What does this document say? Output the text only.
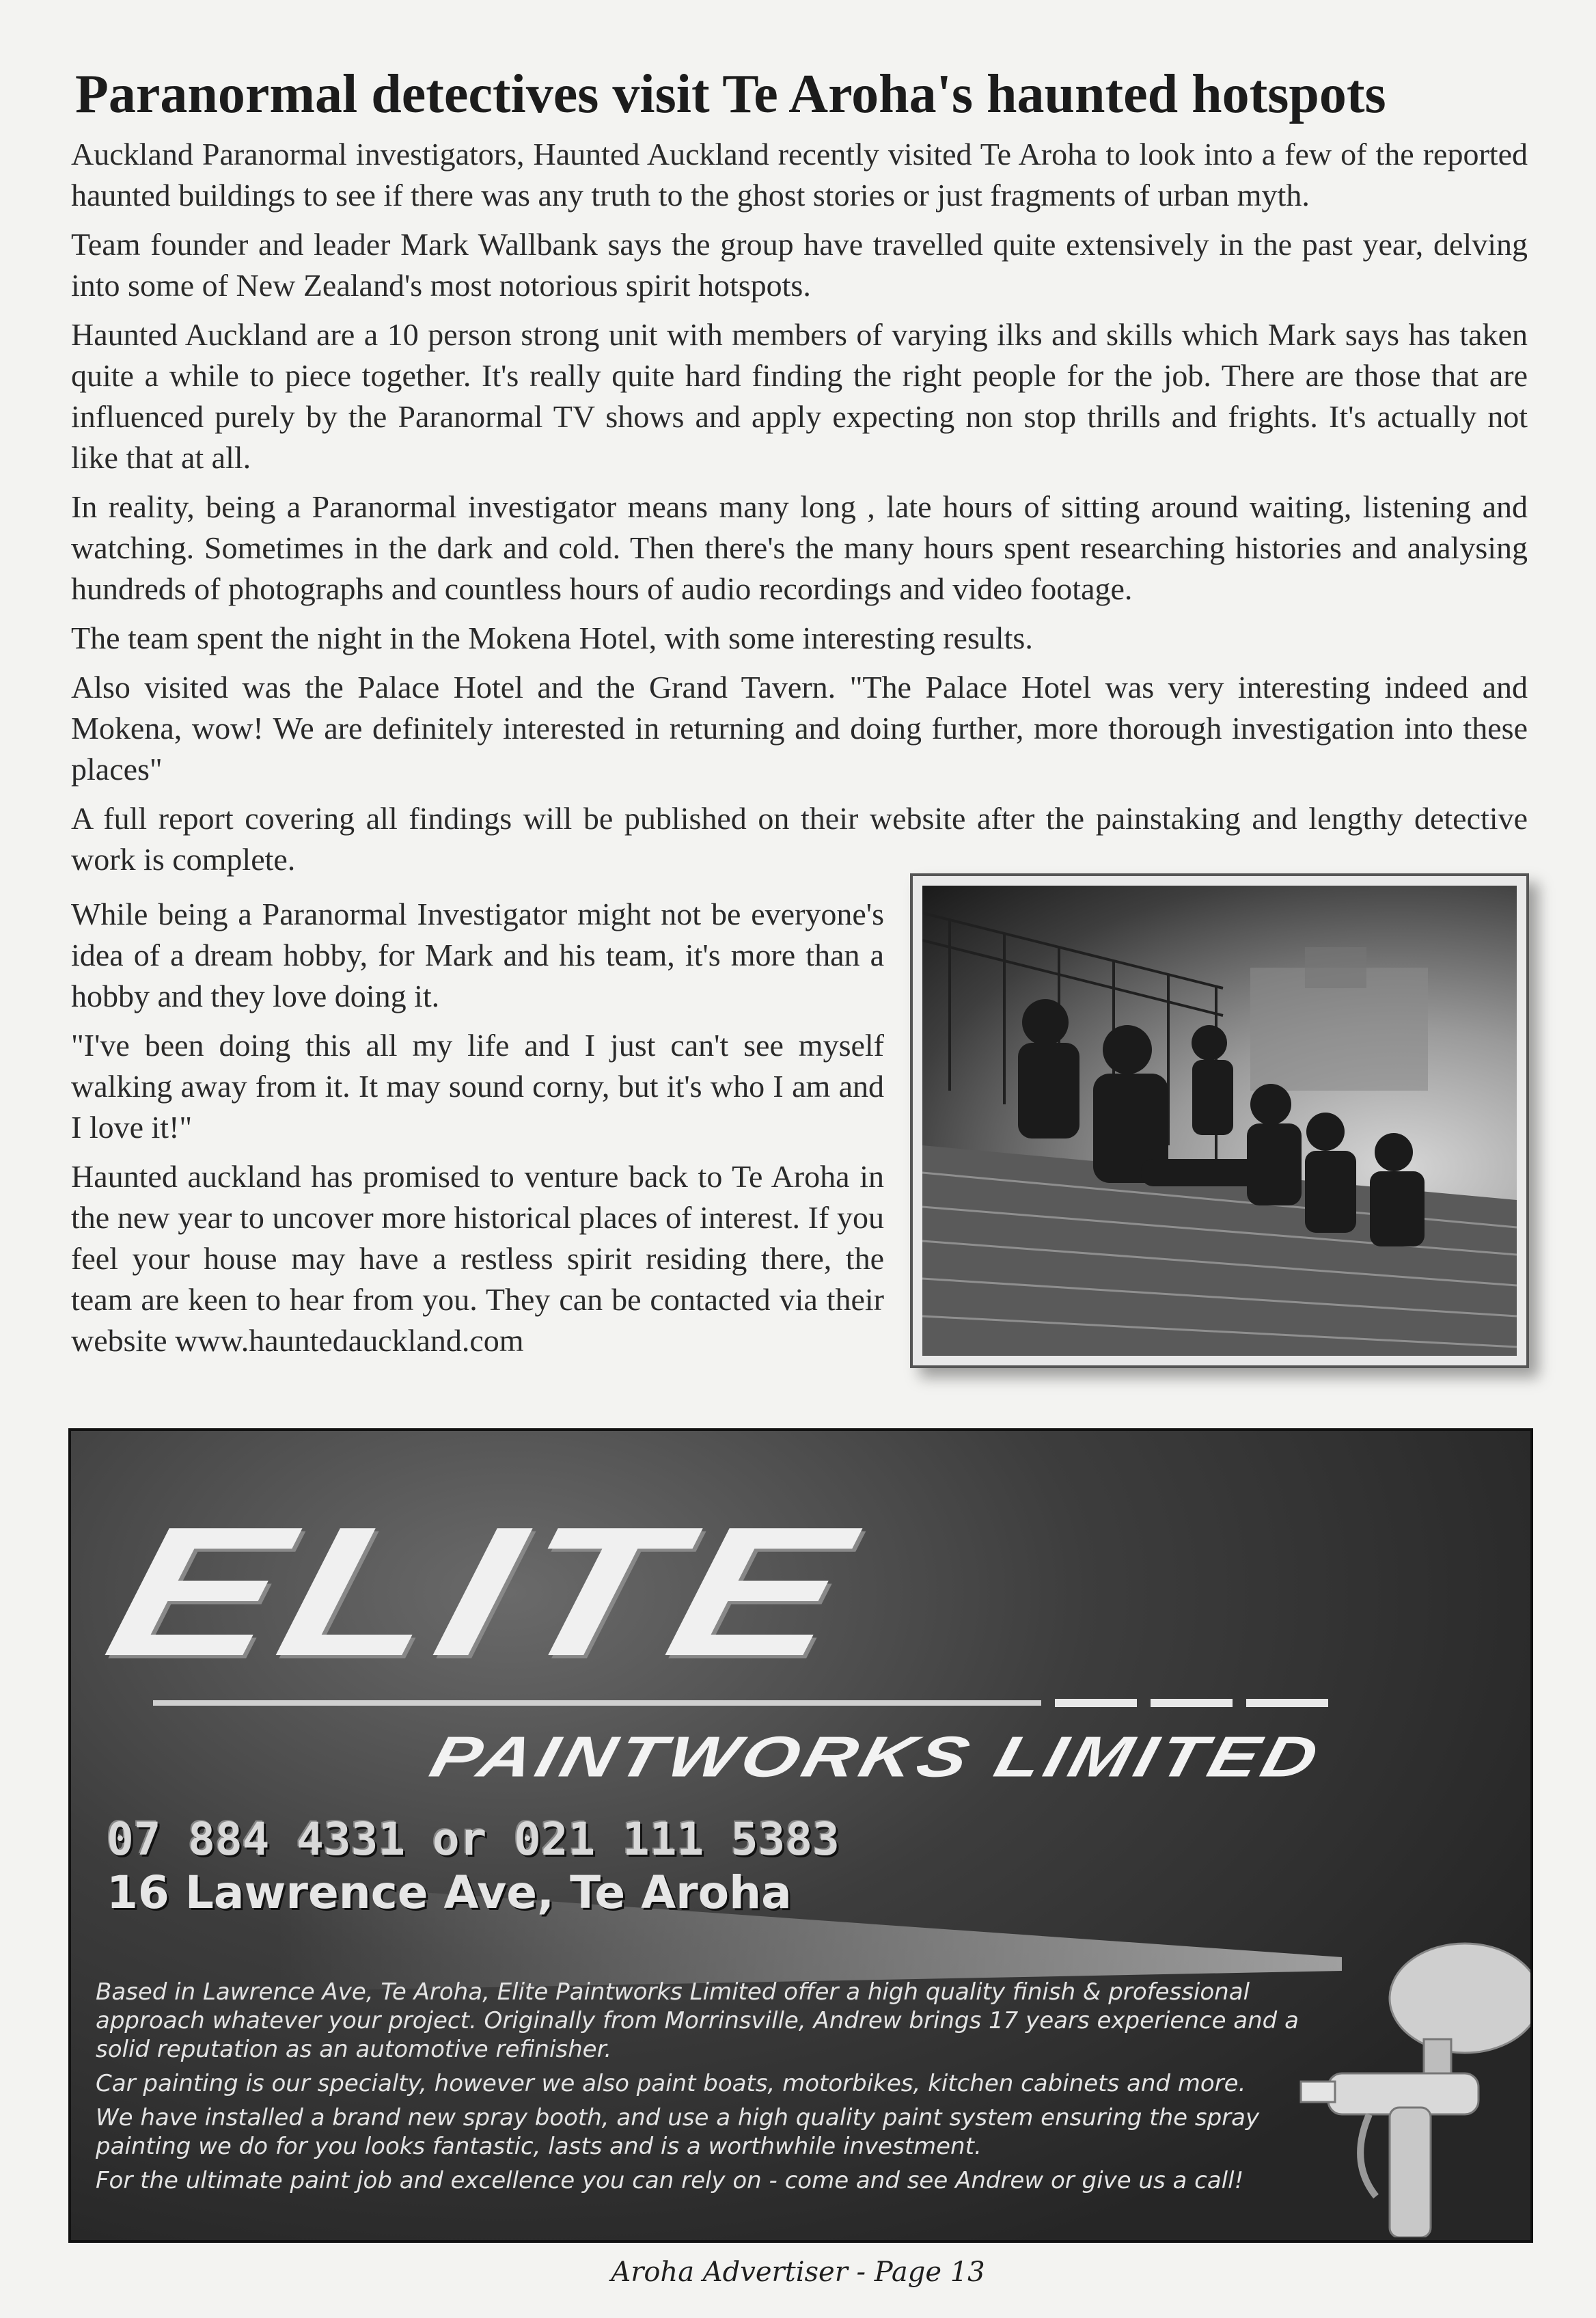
Paranormal detectives visit Te Aroha's haunted hotspots

Auckland Paranormal investigators, Haunted Auckland recently visited Te Aroha to look into a few of the reported haunted buildings to see if there was any truth to the ghost stories or just fragments of urban myth.

Team founder and leader Mark Wallbank says the group have travelled quite extensively in the past year, delving into some of New Zealand's most notorious spirit hotspots.

Haunted Auckland are a 10 person strong unit with members of varying ilks and skills which Mark says has taken quite a while to piece together. It's really quite hard finding the right people for the job. There are those that are influenced purely by the Paranormal TV shows and apply expecting non stop thrills and frights. It's actually not like that at all.

In reality, being a Paranormal investigator means many long , late hours of sitting around waiting, listening and watching. Sometimes in the dark and cold. Then there's the many hours spent researching histories and analysing hundreds of photographs and countless hours of audio recordings and video footage.

The team spent the night in the Mokena Hotel, with some interesting results.

Also visited was the Palace Hotel and the Grand Tavern. "The Palace Hotel was very interesting indeed and Mokena, wow! We are definitely interested in returning and doing further, more thorough investigation into these places"

A full report covering all findings will be published on their website after the painstaking and lengthy detective work is complete.

While being a Paranormal Investigator might not be everyone's idea of a dream hobby, for Mark and his team, it's more than a hobby and they love doing it.

"I've been doing this all my life and I just can't see myself walking away from it. It may sound corny, but it's who I am and I love it!"

Haunted auckland has promised to venture back to Te Aroha in the new year to uncover more historical places of interest. If you feel your house may have a restless spirit residing there, the team are keen to hear from you. They can be contacted via their website www.hauntedauckland.com

ELITE
PAINTWORKS LIMITED
07 884 4331 or 021 111 5383
16 Lawrence Ave, Te Aroha

Based in Lawrence Ave, Te Aroha, Elite Paintworks Limited offer a high quality finish & professional approach whatever your project. Originally from Morrinsville, Andrew brings 17 years experience and a solid reputation as an automotive refinisher.

Car painting is our specialty, however we also paint boats, motorbikes, kitchen cabinets and more.

We have installed a brand new spray booth, and use a high quality paint system ensuring the spray painting we do for you looks fantastic, lasts and is a worthwhile investment.

For the ultimate paint job and excellence you can rely on - come and see Andrew or give us a call!

Aroha Advertiser - Page 13
